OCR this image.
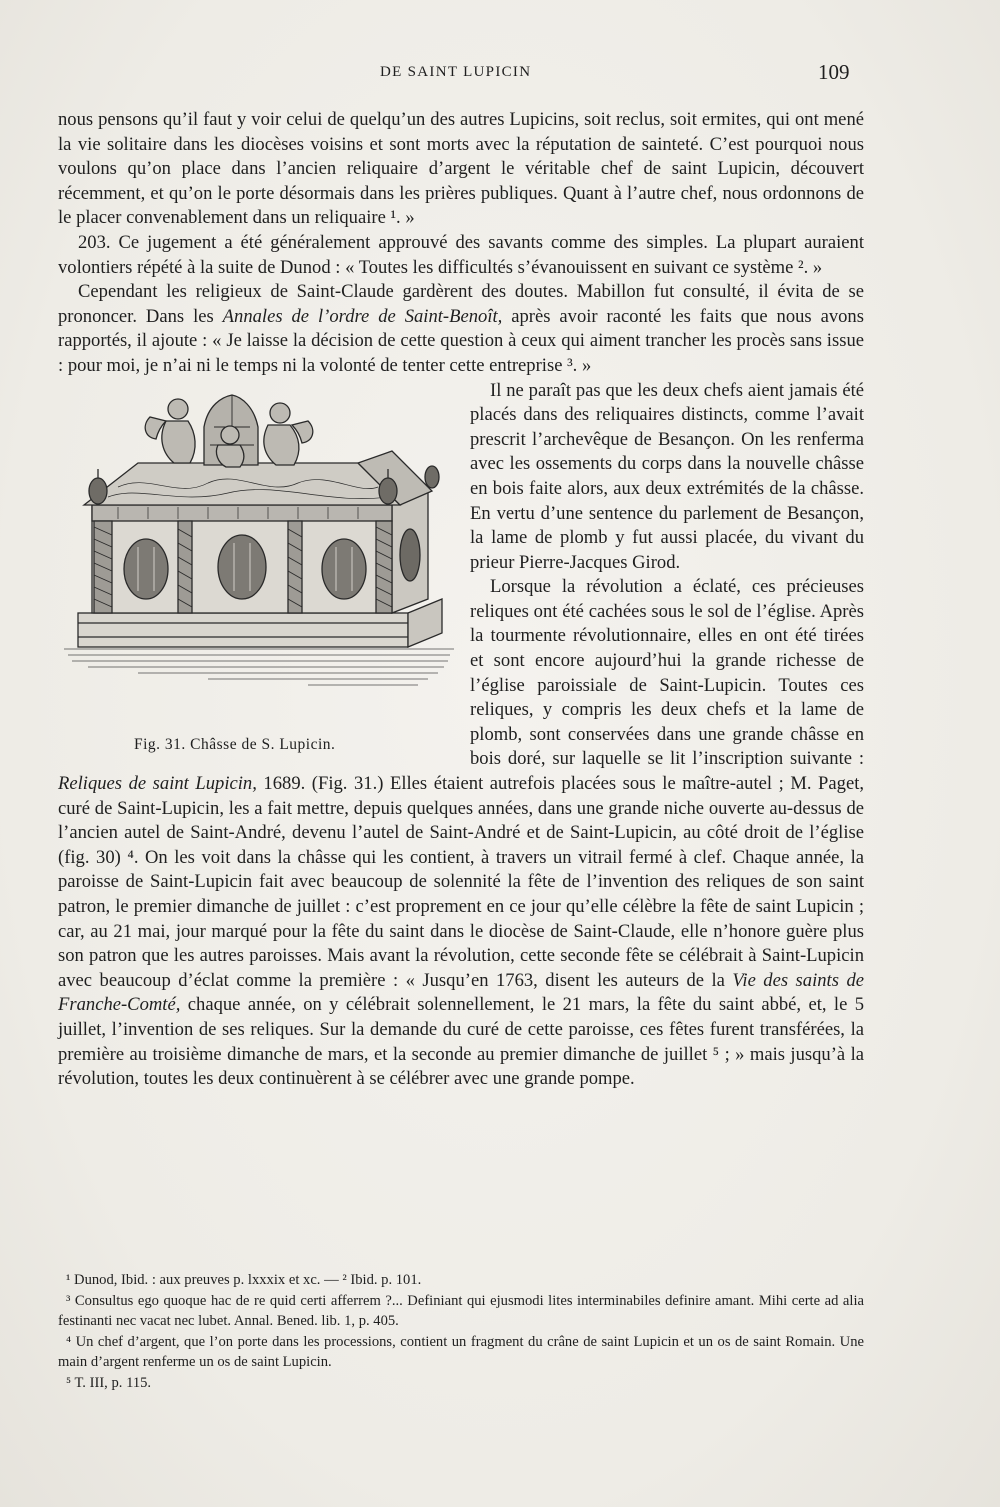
DE SAINT LUPICIN	109

nous pensons qu’il faut y voir celui de quelqu’un des autres Lupicins, soit reclus, soit ermites, qui ont mené la vie solitaire dans les diocèses voisins et sont morts avec la réputation de sainteté. C’est pourquoi nous voulons qu’on place dans l’ancien reliquaire d’argent le véritable chef de saint Lupicin, découvert récemment, et qu’on le porte désormais dans les prières publiques. Quant à l’autre chef, nous ordonnons de le placer convenablement dans un reliquaire ¹. »

203. Ce jugement a été généralement approuvé des savants comme des simples. La plupart auraient volontiers répété à la suite de Dunod : « Toutes les difficultés s’évanouissent en suivant ce système ². »

Cependant les religieux de Saint-Claude gardèrent des doutes. Mabillon fut consulté, il évita de se prononcer. Dans les Annales de l’ordre de Saint-Benoît, après avoir raconté les faits que nous avons rapportés, il ajoute : « Je laisse la décision de cette question à ceux qui aiment trancher les procès sans issue : pour moi, je n’ai ni le temps ni la volonté de tenter cette entreprise ³. »

Fig. 31. Châsse de S. Lupicin.

Il ne paraît pas que les deux chefs aient jamais été placés dans des reliquaires distincts, comme l’avait prescrit l’archevêque de Besançon. On les renferma avec les ossements du corps dans la nouvelle châsse en bois faite alors, aux deux extrémités de la châsse. En vertu d’une sentence du parlement de Besançon, la lame de plomb y fut aussi placée, du vivant du prieur Pierre-Jacques Girod.

Lorsque la révolution a éclaté, ces précieuses reliques ont été cachées sous le sol de l’église. Après la tourmente révolutionnaire, elles en ont été tirées et sont encore aujourd’hui la grande richesse de l’église paroissiale de Saint-Lupicin. Toutes ces reliques, y compris les deux chefs et la lame de plomb, sont conservées dans une grande châsse en bois doré, sur laquelle se lit l’inscription suivante : Reliques de saint Lupicin, 1689. (Fig. 31.) Elles étaient autrefois placées sous le maître-autel ; M. Paget, curé de Saint-Lupicin, les a fait mettre, depuis quelques années, dans une grande niche ouverte au-dessus de l’ancien autel de Saint-André, devenu l’autel de Saint-André et de Saint-Lupicin, au côté droit de l’église (fig. 30) ⁴. On les voit dans la châsse qui les contient, à travers un vitrail fermé à clef. Chaque année, la paroisse de Saint-Lupicin fait avec beaucoup de solennité la fête de l’invention des reliques de son saint patron, le premier dimanche de juillet : c’est proprement en ce jour qu’elle célèbre la fête de saint Lupicin ; car, au 21 mai, jour marqué pour la fête du saint dans le diocèse de Saint-Claude, elle n’honore guère plus son patron que les autres paroisses. Mais avant la révolution, cette seconde fête se célébrait à Saint-Lupicin avec beaucoup d’éclat comme la première : « Jusqu’en 1763, disent les auteurs de la Vie des saints de Franche-Comté, chaque année, on y célébrait solennellement, le 21 mars, la fête du saint abbé, et, le 5 juillet, l’invention de ses reliques. Sur la demande du curé de cette paroisse, ces fêtes furent transférées, la première au troisième dimanche de mars, et la seconde au premier dimanche de juillet ⁵ ; » mais jusqu’à la révolution, toutes les deux continuèrent à se célébrer avec une grande pompe.

¹ Dunod, Ibid. : aux preuves p. lxxxix et xc. — ² Ibid. p. 101.

³ Consultus ego quoque hac de re quid certi afferrem ?... Definiant qui ejusmodi lites interminabiles definire amant. Mihi certe ad alia festinanti nec vacat nec lubet. Annal. Bened. lib. 1, p. 405.

⁴ Un chef d’argent, que l’on porte dans les processions, contient un fragment du crâne de saint Lupicin et un os de saint Romain. Une main d’argent renferme un os de saint Lupicin.

⁵ T. III, p. 115.
